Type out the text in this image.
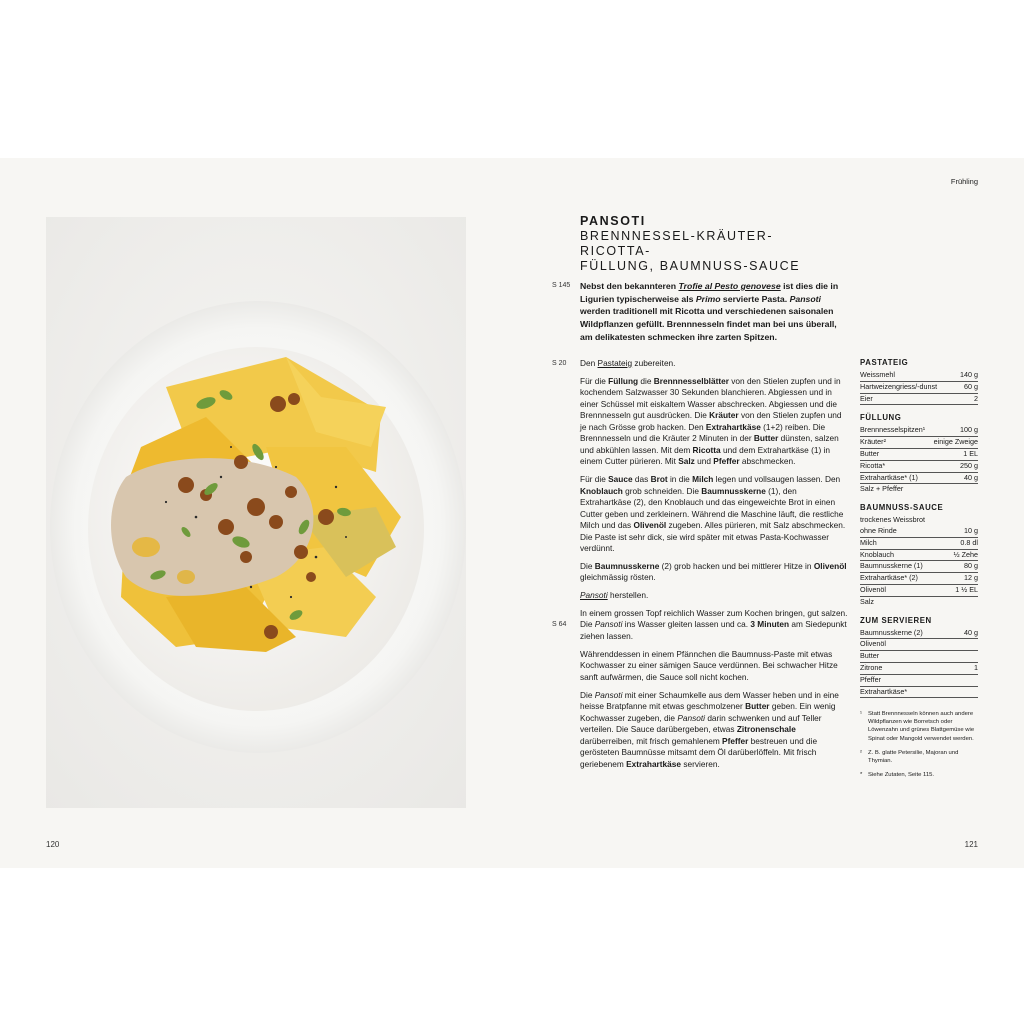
120
Frühling
PANSOTI
BRENNNESSEL-KRÄUTER-RICOTTA-
FÜLLUNG, BAUMNUSS-SAUCE
S 145 Nebst den bekannteren Trofie al Pesto genovese ist dies die in Ligurien typischerweise als Primo servierte Pasta. Pansoti werden traditionell mit Ricotta und verschiedenen saisonalen Wildpflanzen gefüllt. Brennnesseln findet man bei uns überall, am delikatesten schmecken ihre zarten Spitzen.
S 20
S 64

Den Pastateig zubereiten.

Für die Füllung die Brennnesselblätter von den Stielen zupfen und in kochendem Salzwasser 30 Sekunden blanchieren. Abgiessen und in einer Schüssel mit eiskaltem Wasser abschrecken. Abgiessen und die Brennnesseln gut ausdrücken. Die Kräuter von den Stielen zupfen und je nach Grösse grob hacken. Den Extrahartkäse (1+2) reiben. Die Brennnesseln und die Kräuter 2 Minuten in der Butter dünsten, salzen und abkühlen lassen. Mit dem Ricotta und dem Extrahartkäse (1) in einem Cutter pürieren. Mit Salz und Pfeffer abschmecken.

Für die Sauce das Brot in die Milch legen und vollsaugen lassen. Den Knoblauch grob schneiden. Die Baumnusskerne (1), den Extrahartkäse (2), den Knoblauch und das eingeweichte Brot in einen Cutter geben und zerkleinern. Während die Maschine läuft, die restliche Milch und das Olivenöl zugeben. Alles pürieren, mit Salz abschmecken. Die Paste ist sehr dick, sie wird später mit etwas Pasta-Kochwasser verdünnt.

Die Baumnusskerne (2) grob hacken und bei mittlerer Hitze in Olivenöl gleichmässig rösten.

Pansoti herstellen.

In einem grossen Topf reichlich Wasser zum Kochen bringen, gut salzen. Die Pansoti ins Wasser gleiten lassen und ca. 3 Minuten am Siedepunkt ziehen lassen.

Währenddessen in einem Pfännchen die Baumnuss-Paste mit etwas Kochwasser zu einer sämigen Sauce verdünnen. Bei schwacher Hitze sanft aufwärmen, die Sauce soll nicht kochen.

Die Pansoti mit einer Schaumkelle aus dem Wasser heben und in eine heisse Bratpfanne mit etwas geschmolzener Butter geben. Ein wenig Kochwasser zugeben, die Pansoti darin schwenken und auf Teller verteilen. Die Sauce darübergeben, etwas Zitronenschale darüberreiben, mit frisch gemahlenem Pfeffer bestreuen und die gerösteten Baumnüsse mitsamt dem Öl darüberlöffeln. Mit frisch geriebenem Extrahartkäse servieren.

PASTATEIG
Weissmehl	140 g
Hartweizengriess/-dunst	60 g
Eier	2
FÜLLUNG
Brennnesselspitzen¹	100 g
Kräuter²	einige Zweige
Butter	1 EL
Ricotta*	250 g
Extrahartkäse* (1)	40 g
Salz + Pfeffer
BAUMNUSS-SAUCE
trockenes Weissbrot
ohne Rinde	10 g
Milch	0.8 dl
Knoblauch	½ Zehe
Baumnusskerne (1)	80 g
Extrahartkäse* (2)	12 g
Olivenöl	1 ½ EL
Salz
ZUM SERVIEREN
Baumnusskerne (2)	40 g
Olivenöl
Butter
Zitrone	1
Pfeffer
Extrahartkäse*
¹	Statt Brennnesseln können auch andere Wildpflanzen wie Borretsch oder Löwenzahn und grünes Blattgemüse wie Spinat oder Mangold verwendet werden.
²	Z. B. glatte Petersilie, Majoran und Thymian.
* Siehe Zutaten, Seite 115.
121
